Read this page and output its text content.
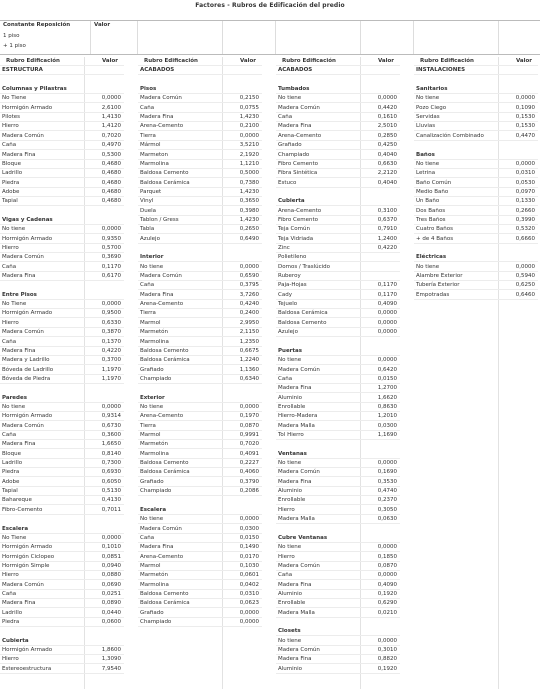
Factores - Rubros de Edificación del predio
Constante Reposición	Valor
1 piso
+ 1 piso
Rubro Edificación	Valor
ESTRUCTURA
Columnas y Pilastras
No Tiene	0,0000
Hormigón Armado	2,6100
Pilotes	1,4130
Hierro	1,4120
Madera Común	0,7020
Caña	0,4970
Madera Fina	0,5300
Bloque	0,4680
Ladrillo	0,4680
Piedra	0,4680
Adobe	0,4680
Tapial	0,4680
Vigas y Cadenas
No tiene	0,0000
Hormigón Armado	0,9350
Hierro	0,5700
Madera Común	0,3690
Caña	0,1170
Madera Fina	0,6170
Entre Pisos
No Tiene	0,0000
Hormigón Armado	0,9500
Hierro	0,6330
Madera Común	0,3870
Caña	0,1370
Madera Fina	0,4220
Madera y Ladrillo	0,3700
Bóveda de Ladrillo	1,1970
Bóveda de Piedra	1,1970
Paredes
No tiene	0,0000
Hormigón Armado	0,9314
Madera Común	0,6730
Caña	0,3600
Madera Fina	1,6650
Bloque	0,8140
Ladrillo	0,7300
Piedra	0,6930
Adobe	0,6050
Tapial	0,5130
Bahareque	0,4130
Fibro-Cemento	0,7011
Escalera
No Tiene	0,0000
Hormigón Armado	0,1010
Hormigón Ciclopeo	0,0851
Hormigón Simple	0,0940
Hierro	0,0880
Madera Común	0,0690
Caña	0,0251
Madera Fina	0,0890
Ladrillo	0,0440
Piedra	0,0600
Cubierta
Hormigón Armado	1,8600
Hierro	1,3090
Estereoestructura	7,9540
Rubro Edificación	Valor
ACABADOS
Pisos
Madera Común	0,2150
Caña	0,0755
Madera Fina	1,4230
Arena-Cemento	0,2100
Tierra	0,0000
Mármol	3,5210
Marmeton	2,1920
Marmolina	1,1210
Baldosa Cemento	0,5000
Baldosa Cerámica	0,7380
Parquet	1,4230
Vinyl	0,3650
Duela	0,3980
Tablon / Gress	1,4230
Tabla	0,2650
Azulejo	0,6490
Interior
No tiene	0,0000
Madera Común	0,6590
Caña	0,3795
Madera Fina	3,7260
Arena-Cemento	0,4240
Tierra	0,2400
Marmol	2,9950
Marmetón	2,1150
Marmolina	1,2350
Baldosa Cemento	0,6675
Baldosa Cerámica	1,2240
Grafiado	1,1360
Champiado	0,6340
Exterior
No tiene	0,0000
Arena-Cemento	0,1970
Tierra	0,0870
Marmol	0,9991
Marmetón	0,7020
Marmolina	0,4091
Baldosa Cemento	0,2227
Baldosa Cerámica	0,4060
Grafiado	0,3790
Champiado	0,2086
Escalera
No tiene	0,0000
Madera Común	0,0300
Caña	0,0150
Madera Fina	0,1490
Arena-Cemento	0,0170
Marmol	0,1030
Marmetón	0,0601
Marmolina	0,0402
Baldosa Cemento	0,0310
Baldosa Cerámica	0,0623
Grafiado	0,0000
Champiado	0,0000
Rubro Edificación	Valor
ACABADOS
Tumbados
No tiene	0,0000
Madera Común	0,4420
Caña	0,1610
Madera Fina	2,5010
Arena-Cemento	0,2850
Grafiado	0,4250
Champiado	0,4040
Fibro Cemento	0,6630
Fibra Sintética	2,2120
Estuco	0,4040
Cubierta
Arena-Cemento	0,3100
Fibro Cemento	0,6370
Teja Común	0,7910
Teja Vidriada	1,2400
Zinc	0,4220
Polietileno
Domos / Traslúcido
Ruberoy
Paja-Hojas	0,1170
Cady	0,1170
Tejuelo	0,4090
Baldosa Cerámica	0,0000
Baldosa Cemento	0,0000
Azulejo	0,0000
Puertas
No tiene	0,0000
Madera Común	0,6420
Caña	0,0150
Madera Fina	1,2700
Aluminio	1,6620
Enrollable	0,8630
Hierro-Madera	1,2010
Madera Malla	0,0300
Tol Hierro	1,1690
Ventanas
No tiene	0,0000
Madera Común	0,1690
Madera Fina	0,3530
Aluminio	0,4740
Enrollable	0,2370
Hierro	0,3050
Madera Malla	0,0630
Cubre Ventanas
No tiene	0,0000
Hierro	0,1850
Madera Común	0,0870
Caña	0,0000
Madera Fina	0,4090
Aluminio	0,1920
Enrollable	0,6290
Madera Malla	0,0210
Closets
No tiene	0,0000
Madera Común	0,3010
Madera Fina	0,8820
Aluminio	0,1920
Rubro Edificación	Valor
INSTALACIONES
Sanitarios
No tiene	0,0000
Pozo Ciego	0,1090
Servidas	0,1530
Lluvias	0,1530
Canalización Combinado	0,4470
Baños
No tiene	0,0000
Letrina	0,0310
Baño Común	0,0530
Medio Baño	0,0970
Un Baño	0,1330
Dos Baños	0,2660
Tres Baños	0,3990
Cuatro Baños	0,5320
+ de 4 Baños	0,6660
Eléctricas
No tiene	0,0000
Alambre Exterior	0,5940
Tubería Exterior	0,6250
Empotradas	0,6460
